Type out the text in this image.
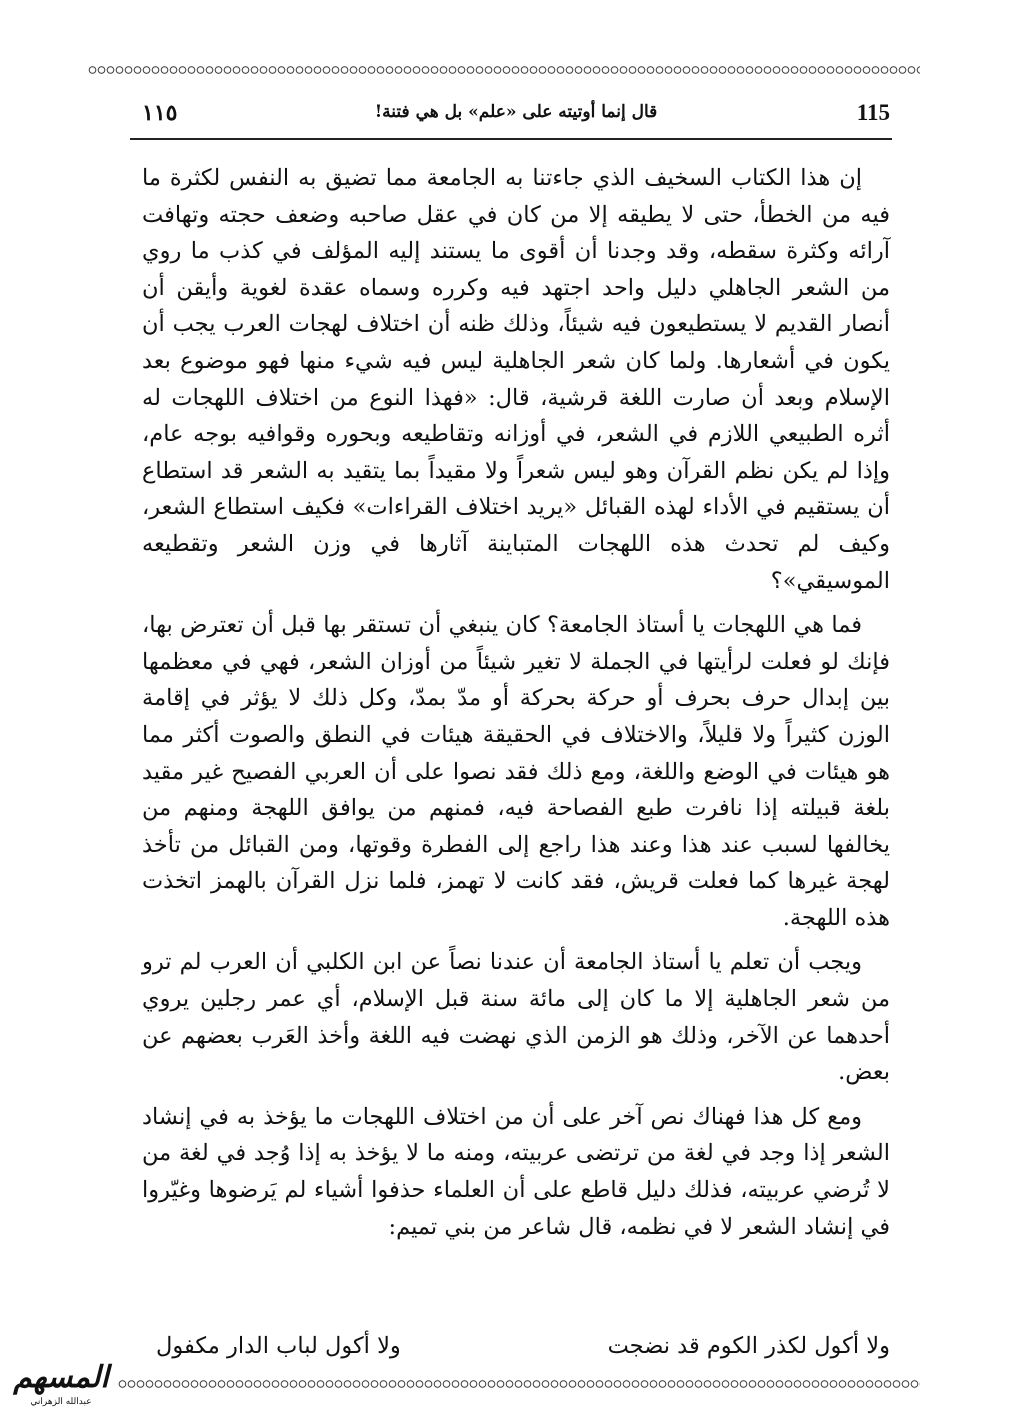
115
قال إنما أوتيته على «علم» بل هي فتنة!
١١٥

إن هذا الكتاب السخيف الذي جاءتنا به الجامعة مما تضيق به النفس لكثرة ما فيه من الخطأ، حتى لا يطيقه إلا من كان في عقل صاحبه وضعف حجته وتهافت آرائه وكثرة سقطه، وقد وجدنا أن أقوى ما يستند إليه المؤلف في كذب ما روي من الشعر الجاهلي دليل واحد اجتهد فيه وكرره وسماه عقدة لغوية وأيقن أن أنصار القديم لا يستطيعون فيه شيئاً، وذلك ظنه أن اختلاف لهجات العرب يجب أن يكون في أشعارها. ولما كان شعر الجاهلية ليس فيه شيء منها فهو موضوع بعد الإسلام وبعد أن صارت اللغة قرشية، قال: «فهذا النوع من اختلاف اللهجات له أثره الطبيعي اللازم في الشعر، في أوزانه وتقاطيعه وبحوره وقوافيه بوجه عام، وإذا لم يكن نظم القرآن وهو ليس شعراً ولا مقيداً بما يتقيد به الشعر قد استطاع أن يستقيم في الأداء لهذه القبائل «يريد اختلاف القراءات» فكيف استطاع الشعر، وكيف لم تحدث هذه اللهجات المتباينة آثارها في وزن الشعر وتقطيعه الموسيقي»؟

فما هي اللهجات يا أستاذ الجامعة؟ كان ينبغي أن تستقر بها قبل أن تعترض بها، فإنك لو فعلت لرأيتها في الجملة لا تغير شيئاً من أوزان الشعر، فهي في معظمها بين إبدال حرف بحرف أو حركة بحركة أو مدّ بمدّ، وكل ذلك لا يؤثر في إقامة الوزن كثيراً ولا قليلاً، والاختلاف في الحقيقة هيئات في النطق والصوت أكثر مما هو هيئات في الوضع واللغة، ومع ذلك فقد نصوا على أن العربي الفصيح غير مقيد بلغة قبيلته إذا نافرت طبع الفصاحة فيه، فمنهم من يوافق اللهجة ومنهم من يخالفها لسبب عند هذا وعند هذا راجع إلى الفطرة وقوتها، ومن القبائل من تأخذ لهجة غيرها كما فعلت قريش، فقد كانت لا تهمز، فلما نزل القرآن بالهمز اتخذت هذه اللهجة.

ويجب أن تعلم يا أستاذ الجامعة أن عندنا نصاً عن ابن الكلبي أن العرب لم ترو من شعر الجاهلية إلا ما كان إلى مائة سنة قبل الإسلام، أي عمر رجلين يروي أحدهما عن الآخر، وذلك هو الزمن الذي نهضت فيه اللغة وأخذ العَرب بعضهم عن بعض.

ومع كل هذا فهناك نص آخر على أن من اختلاف اللهجات ما يؤخذ به في إنشاد الشعر إذا وجد في لغة من ترتضى عربيته، ومنه ما لا يؤخذ به إذا وُجد في لغة من لا تُرضي عربيته، فذلك دليل قاطع على أن العلماء حذفوا أشياء لم يَرضوها وغيّروا في إنشاد الشعر لا في نظمه، قال شاعر من بني تميم:

ولا أكول لكذر الكوم قد نضجت
ولا أكول لباب الدار مكفول
المسهم
عبدالله الزهراني
